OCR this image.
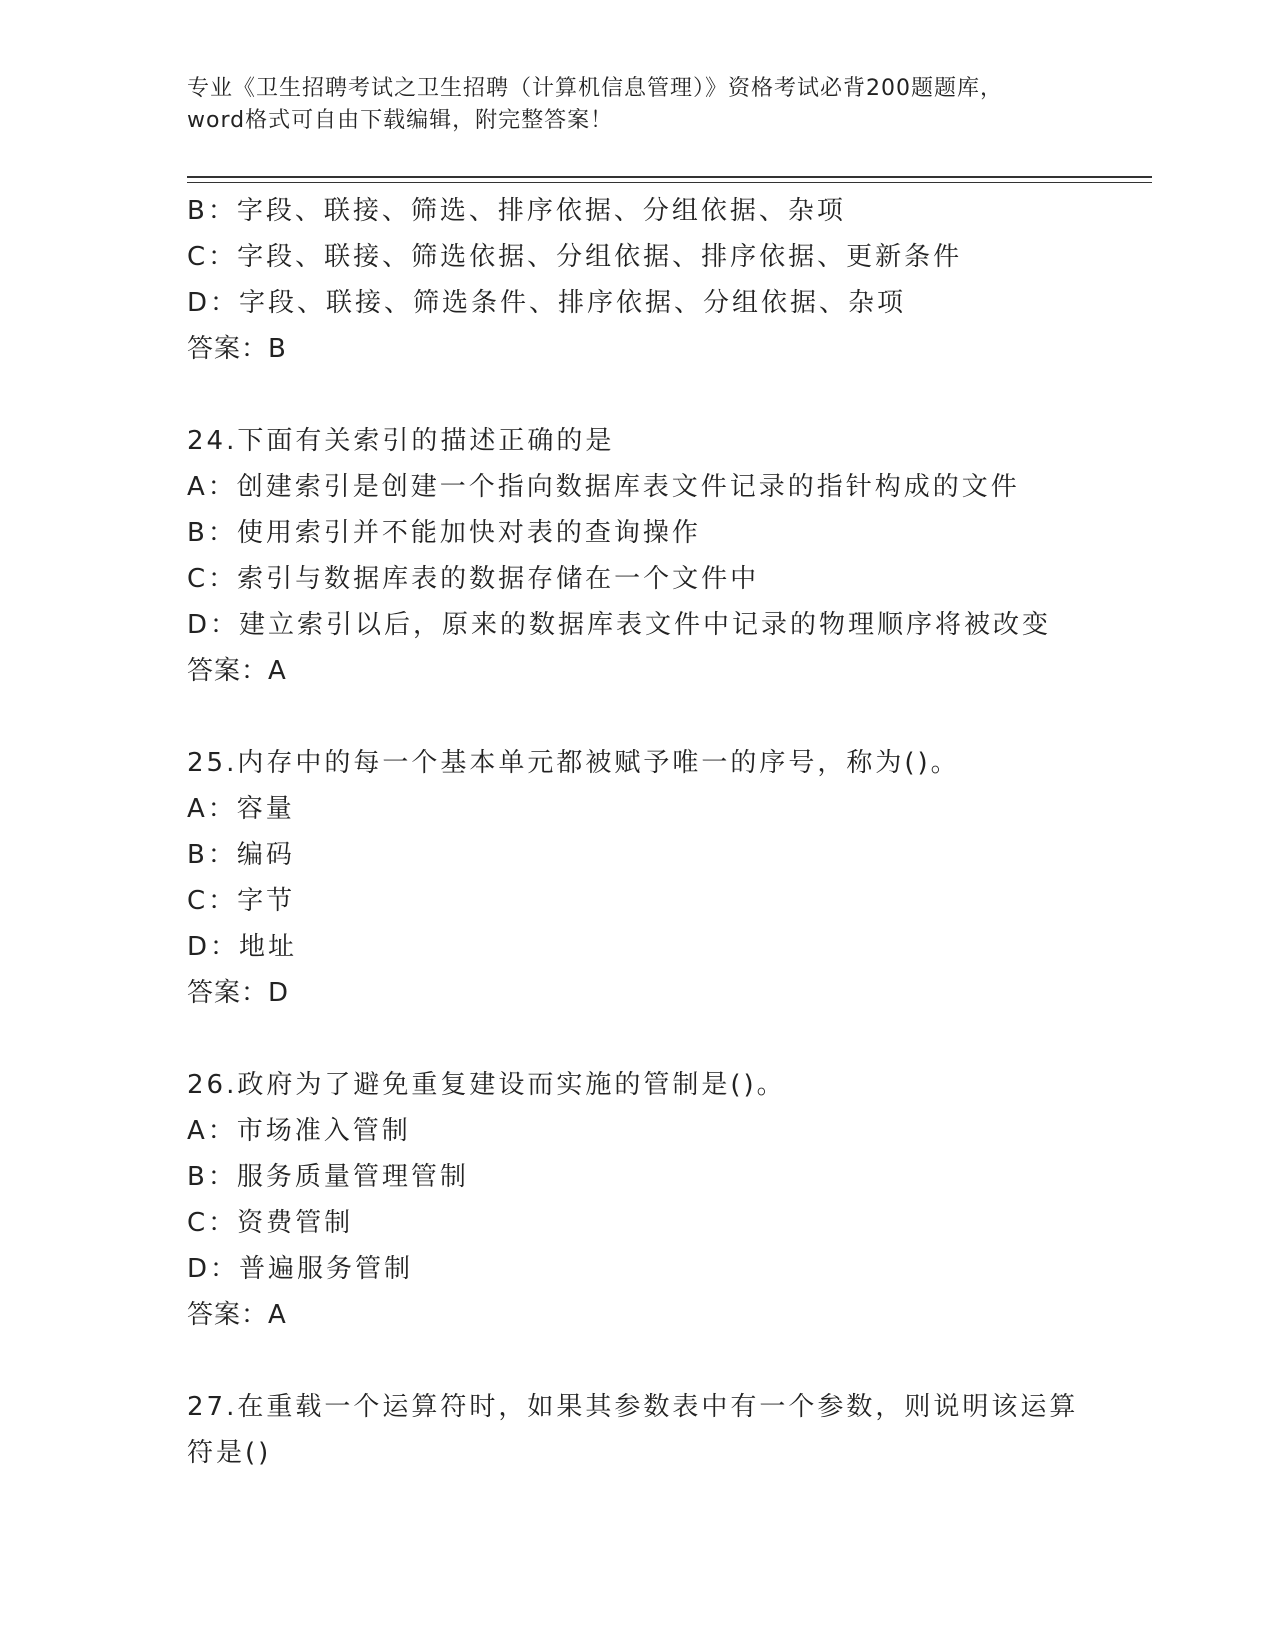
专业《卫生招聘考试之卫生招聘（计算机信息管理）》资格考试必背200题题库，
word格式可自由下载编辑，附完整答案！
B：字段、联接、筛选、排序依据、分组依据、杂项
C：字段、联接、筛选依据、分组依据、排序依据、更新条件
D：字段、联接、筛选条件、排序依据、分组依据、杂项
答案：B
24.下面有关索引的描述正确的是
A：创建索引是创建一个指向数据库表文件记录的指针构成的文件
B：使用索引并不能加快对表的查询操作
C：索引与数据库表的数据存储在一个文件中
D：建立索引以后，原来的数据库表文件中记录的物理顺序将被改变
答案：A
25.内存中的每一个基本单元都被赋予唯一的序号，称为()。
A：容量
B：编码
C：字节
D：地址
答案：D
26.政府为了避免重复建设而实施的管制是()。
A：市场准入管制
B：服务质量管理管制
C：资费管制
D：普遍服务管制
答案：A
27.在重载一个运算符时，如果其参数表中有一个参数，则说明该运算
符是()
